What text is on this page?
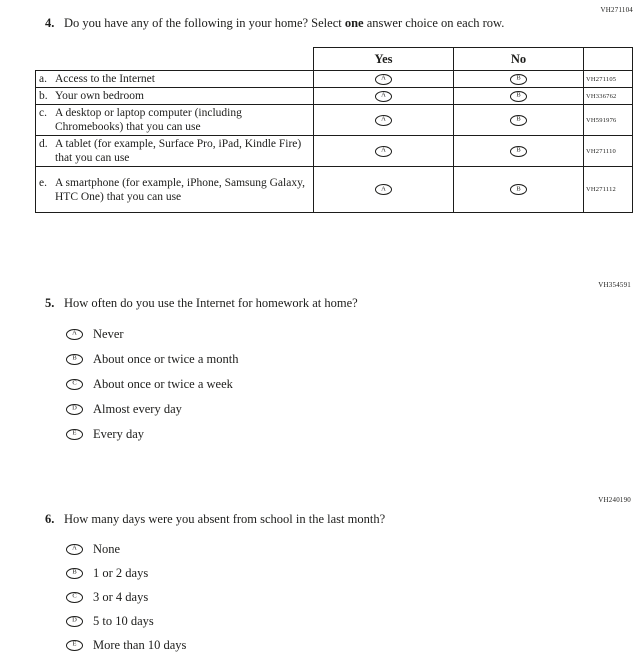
VH271104
VH354591
VH240190
4. Do you have any of the following in your home? Select one answer choice on each row.
	Yes	No	

a. Access to the Internet	A	B	VH271105

b. Your own bedroom	A	B	VH336762

c. A desktop or laptop computer (including Chromebooks) that you can use	A	B	VH591976

d. A tablet (for example, Surface Pro, iPad, Kindle Fire) that you can use	A	B	VH271110

e. A smartphone (for example, iPhone, Samsung Galaxy, HTC One) that you can use	A	B	VH271112
5. How often do you use the Internet for homework at home?
A Never
B About once or twice a month
C About once or twice a week
D Almost every day
E Every day
6. How many days were you absent from school in the last month?
A None
B 1 or 2 days
C 3 or 4 days
D 5 to 10 days
E More than 10 days
